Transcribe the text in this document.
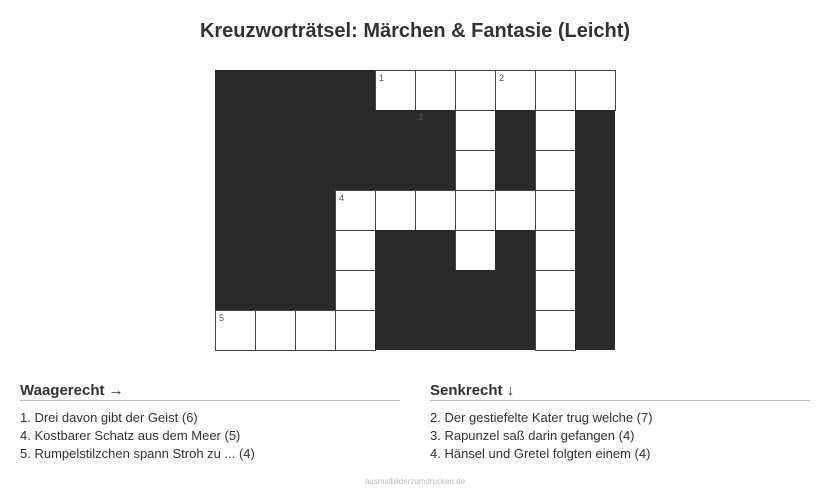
Kreuzworträtsel: Märchen & Fantasie (Leicht)
1	2
3
4
5
Waagerecht →
1. Drei davon gibt der Geist (6)
4. Kostbarer Schatz aus dem Meer (5)
5. Rumpelstilzchen spann Stroh zu ... (4)
Senkrecht ↓
2. Der gestiefelte Kater trug welche (7)
3. Rapunzel saß darin gefangen (4)
4. Hänsel und Gretel folgten einem (4)
ausmalbilderzumdrucken.de
